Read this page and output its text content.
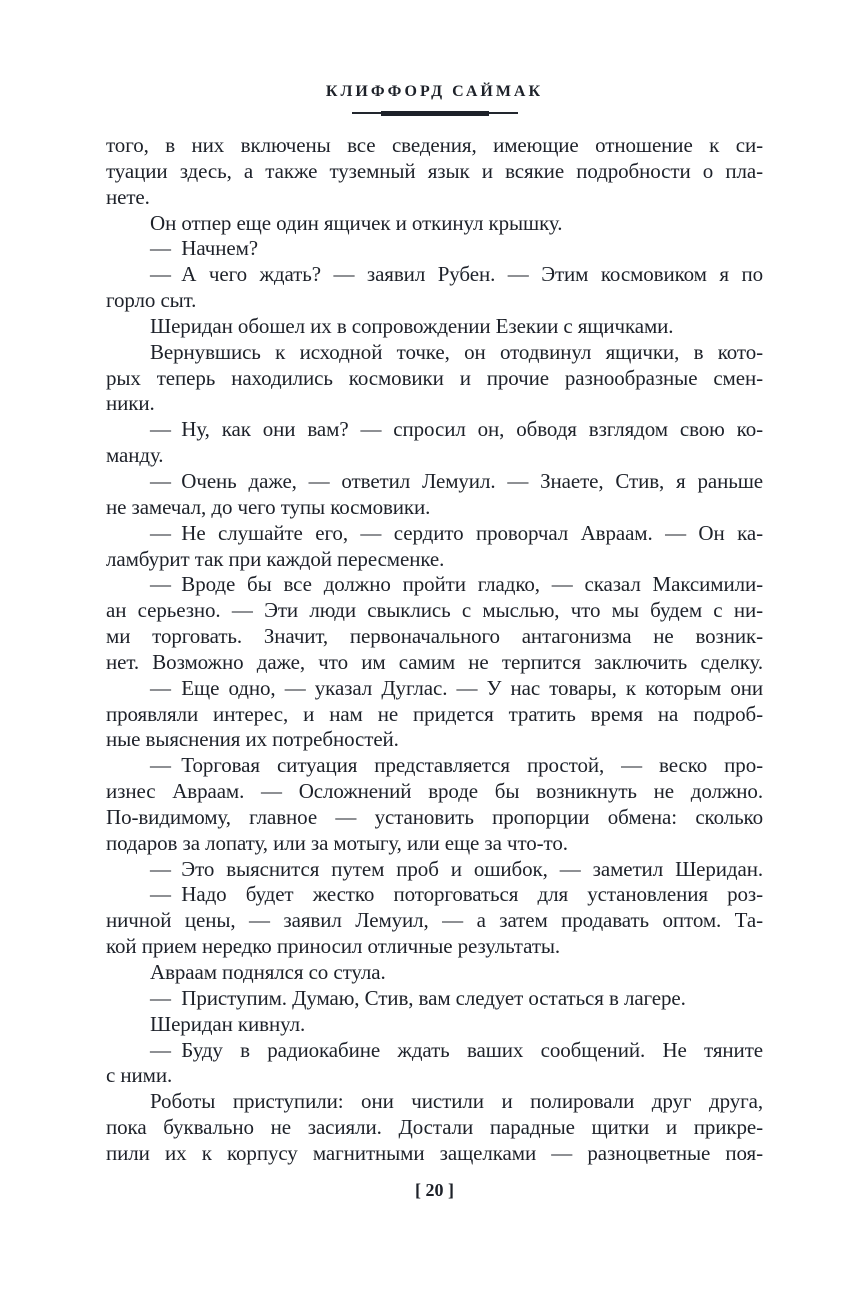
КЛИФФОРД САЙМАК
того, в них включены все сведения, имеющие отношение к си-
туации здесь, а также туземный язык и всякие подробности о пла-
нете.
Он отпер еще один ящичек и откинул крышку.
— Начнем?
— А чего ждать? — заявил Рубен. — Этим космовиком я по
горло сыт.
Шеридан обошел их в сопровождении Езекии с ящичками.
Вернувшись к исходной точке, он отодвинул ящички, в кото-
рых теперь находились космовики и прочие разнообразные смен-
ники.
— Ну, как они вам? — спросил он, обводя взглядом свою ко-
манду.
— Очень даже, — ответил Лемуил. — Знаете, Стив, я раньше
не замечал, до чего тупы космовики.
— Не слушайте его, — сердито проворчал Авраам. — Он ка-
ламбурит так при каждой пересменке.
— Вроде бы все должно пройти гладко, — сказал Максимили-
ан серьезно. — Эти люди свыклись с мыслью, что мы будем с ни-
ми торговать. Значит, первоначального антагонизма не возник-
нет. Возможно даже, что им самим не терпится заключить сделку.
— Еще одно, — указал Дуглас. — У нас товары, к которым они
проявляли интерес, и нам не придется тратить время на подроб-
ные выяснения их потребностей.
— Торговая ситуация представляется простой, — веско про-
изнес Авраам. — Осложнений вроде бы возникнуть не должно.
По-видимому, главное — установить пропорции обмена: сколько
подаров за лопату, или за мотыгу, или еще за что-то.
— Это выяснится путем проб и ошибок, — заметил Шеридан.
— Надо будет жестко поторговаться для установления роз-
ничной цены, — заявил Лемуил, — а затем продавать оптом. Та-
кой прием нередко приносил отличные результаты.
Авраам поднялся со стула.
— Приступим. Думаю, Стив, вам следует остаться в лагере.
Шеридан кивнул.
— Буду в радиокабине ждать ваших сообщений. Не тяните
с ними.
Роботы приступили: они чистили и полировали друг друга,
пока буквально не засияли. Достали парадные щитки и прикре-
пили их к корпусу магнитными защелками — разноцветные поя-
[ 20 ]
